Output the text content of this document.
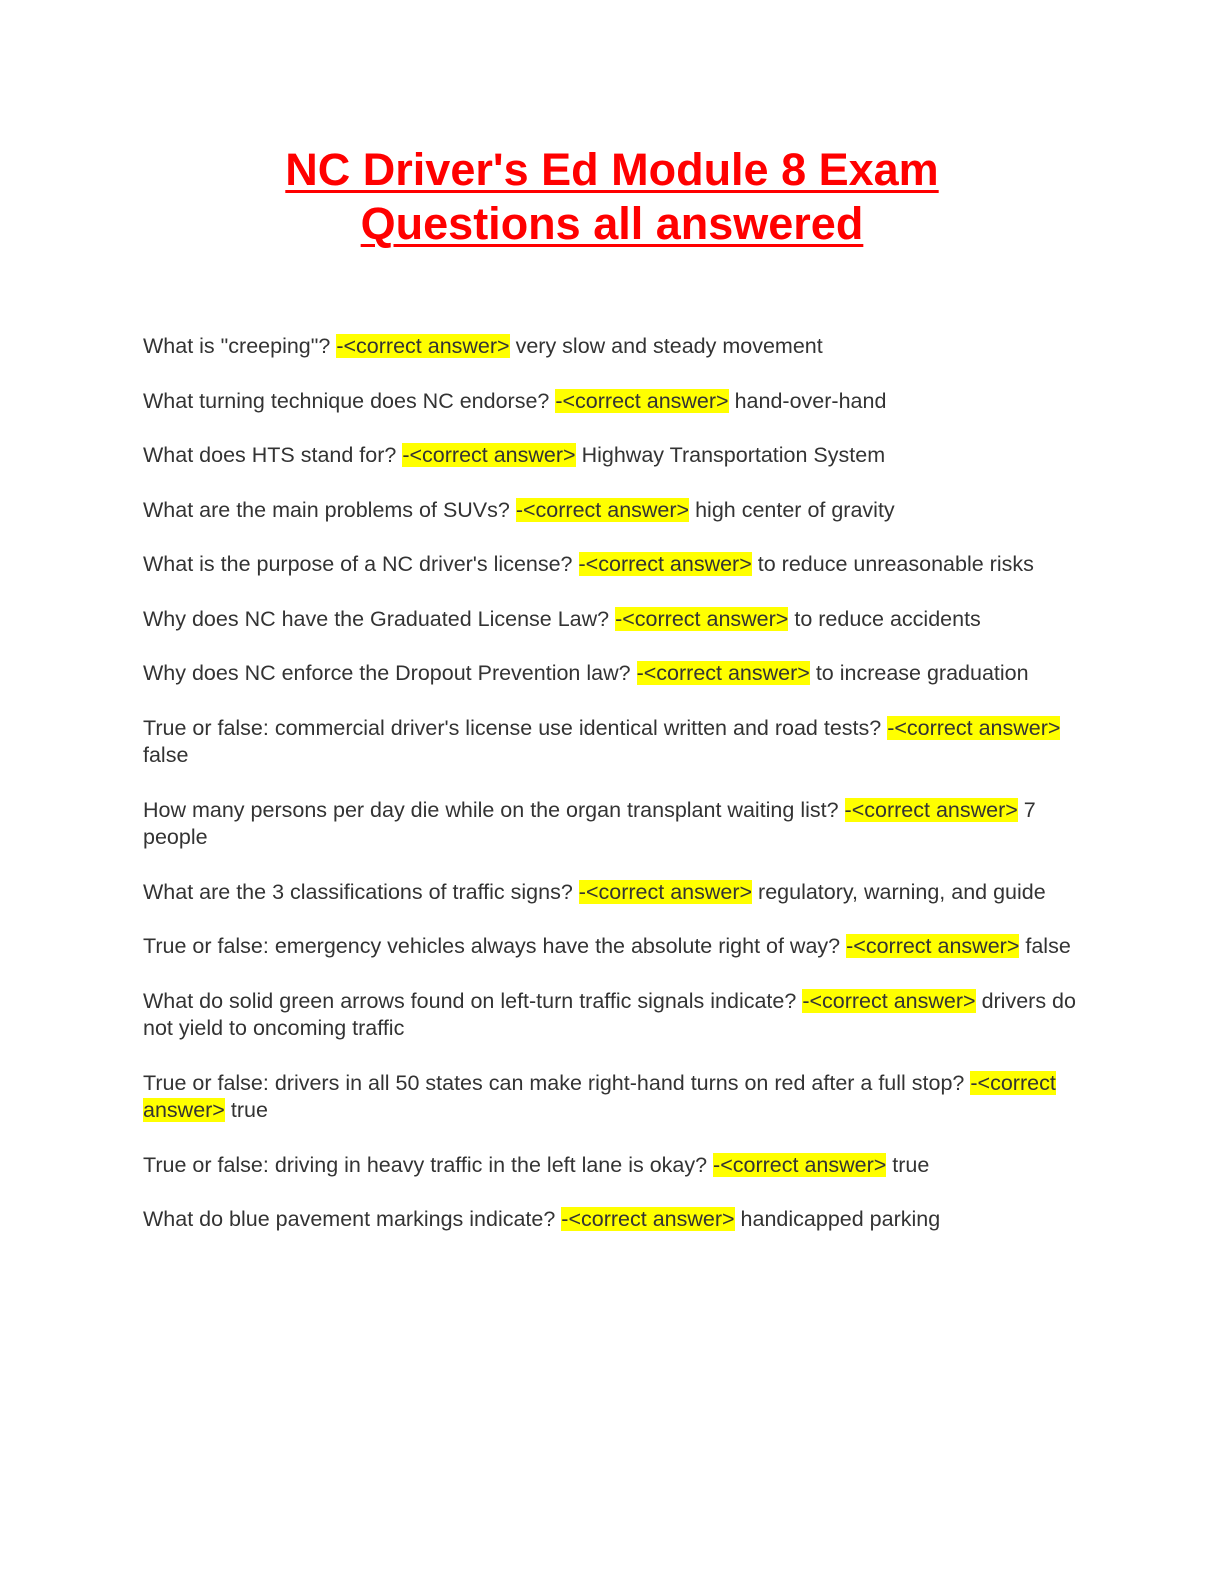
NC Driver's Ed Module 8 Exam
Questions all answered
What is "creeping"? -<correct answer> very slow and steady movement
What turning technique does NC endorse? -<correct answer> hand-over-hand
What does HTS stand for? -<correct answer> Highway Transportation System
What are the main problems of SUVs? -<correct answer> high center of gravity
What is the purpose of a NC driver's license? -<correct answer> to reduce unreasonable risks
Why does NC have the Graduated License Law? -<correct answer> to reduce accidents
Why does NC enforce the Dropout Prevention law? -<correct answer> to increase graduation
True or false: commercial driver's license use identical written and road tests? -<correct answer> false
How many persons per day die while on the organ transplant waiting list? -<correct answer> 7 people
What are the 3 classifications of traffic signs? -<correct answer> regulatory, warning, and guide
True or false: emergency vehicles always have the absolute right of way? -<correct answer> false
What do solid green arrows found on left-turn traffic signals indicate? -<correct answer> drivers do not yield to oncoming traffic
True or false: drivers in all 50 states can make right-hand turns on red after a full stop? -<correct answer> true
True or false: driving in heavy traffic in the left lane is okay? -<correct answer> true
What do blue pavement markings indicate? -<correct answer> handicapped parking
